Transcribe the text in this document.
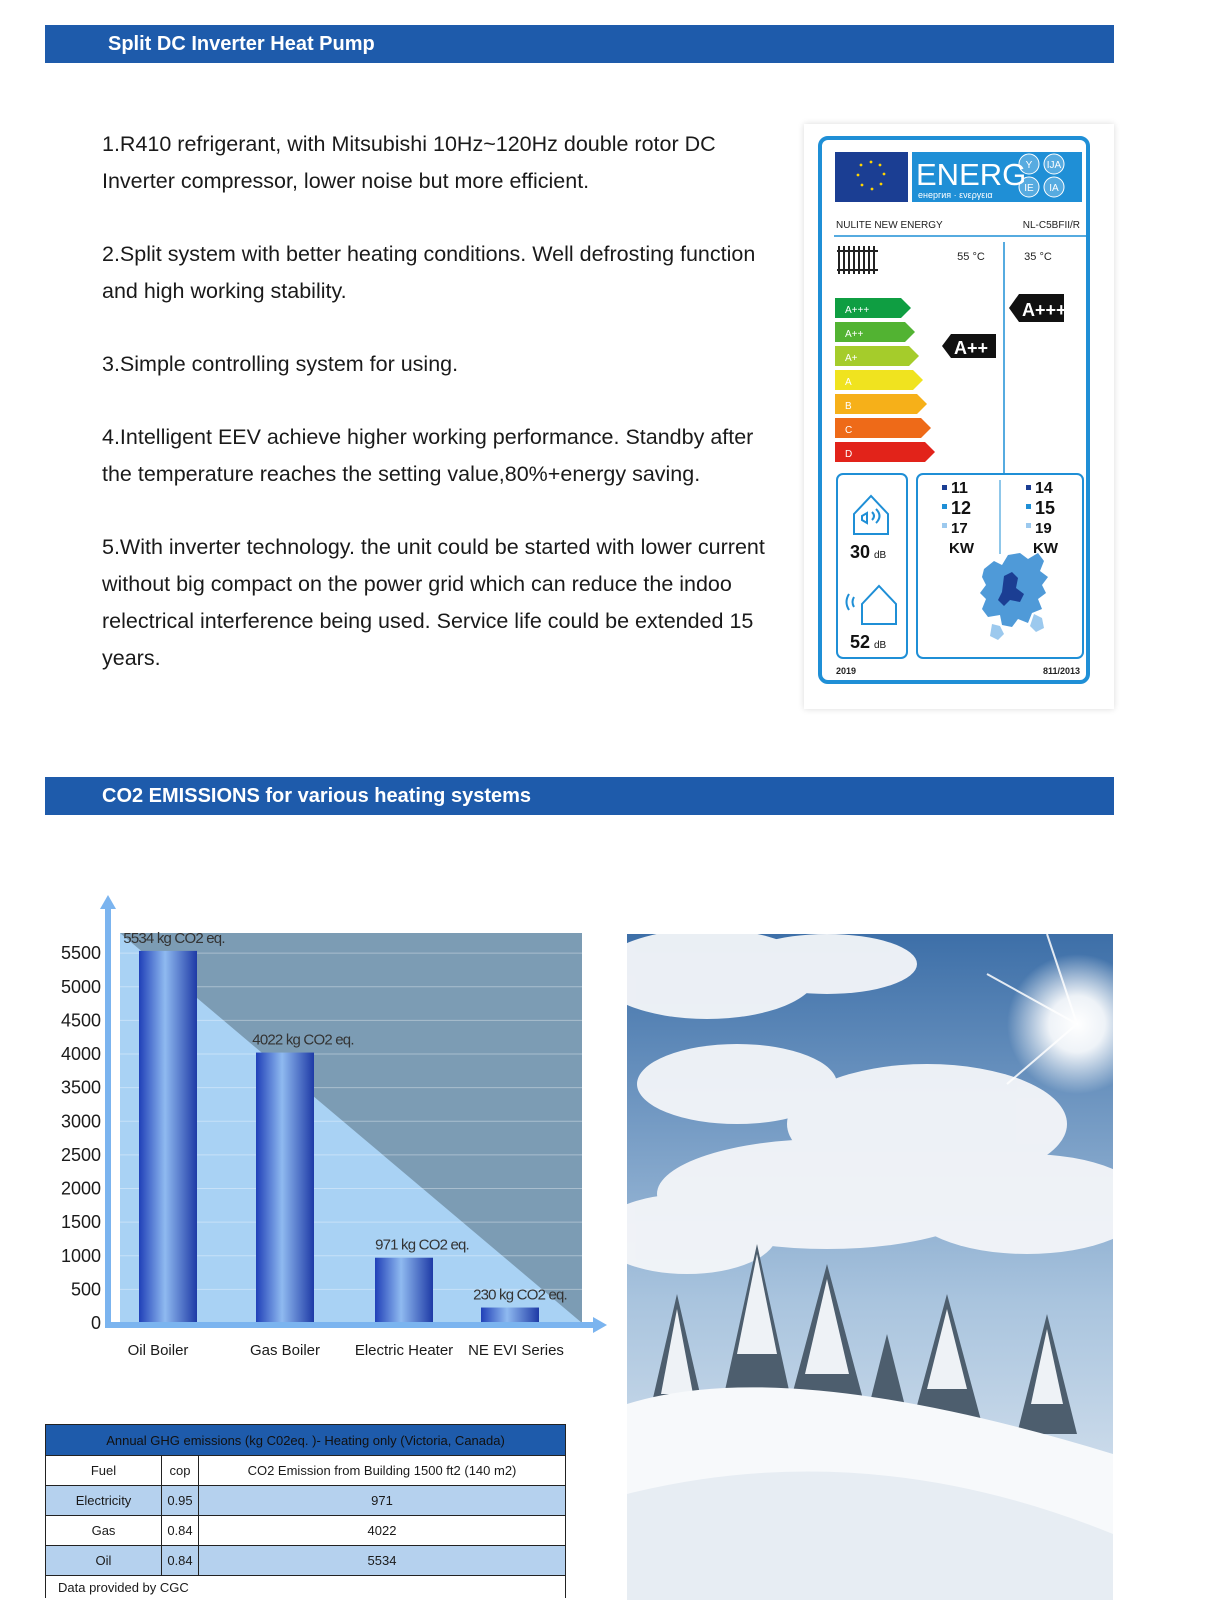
Split DC Inverter Heat Pump
1.R410 refrigerant, with Mitsubishi 10Hz~120Hz double rotor DC Inverter compressor, lower noise but more efficient.
2.Split system with better heating conditions. Well defrosting function and high working stability.
3.Simple controlling system for using.
4.Intelligent EEV achieve higher working performance. Standby after the temperature reaches the setting value,80%+energy saving.
5.With inverter technology. the unit could be started with lower current without big compact on the power grid which can reduce the indoo relectrical interference being used. Service life could be extended 15 years.
ENERG
енергия · ενεργεια
Y IJA
IE IA
NULITE NEW ENERGY	NL-C5BFII/R
55 °C	35 °C
A+++
A++
A+
A
B
C
D
A++
A+++
30 dB
52 dB
11
12
17
KW
14
15
19
KW
2019	811/2013
CO2 EMISSIONS for various heating systems
0
500
1000
1500
2000
2500
3000
3500
4000
4500
5000
5500
5534 kg CO2 eq.
4022 kg CO2 eq.
971 kg CO2 eq.
230 kg CO2 eq.
Oil Boiler	Gas Boiler Electric Heater NE EVI Series
Annual GHG emissions (kg C02eq. )- Heating only (Victoria, Canada)		
Fuel	cop	CO2 Emission from Building 1500 ft2 (140 m2)
Electricity	0.95	971
Gas	0.84	4022
Oil	0.84	5534
Data provided by CGC		
